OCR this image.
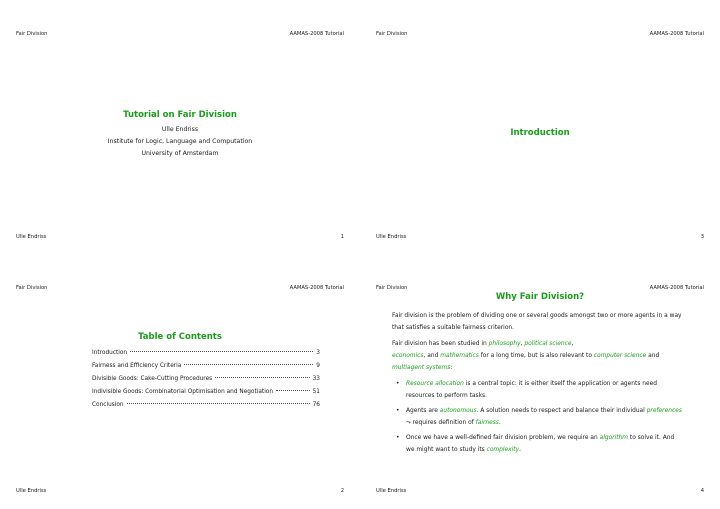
Fair Division	AAMAS-2008 Tutorial
Tutorial on Fair Division
Ulle Endriss
Institute for Logic, Language and Computation
University of Amsterdam
Ulle Endriss	1
Fair Division	AAMAS-2008 Tutorial
Introduction
Ulle Endriss	3
Fair Division	AAMAS-2008 Tutorial
Table of Contents
Introduction	3
Fairness and Efficiency Criteria	9
Divisible Goods: Cake-Cutting Procedures	33
Indivisible Goods: Combinatorial Optimisation and Negotiation	51
Conclusion	76
Ulle Endriss	2
Fair Division	AAMAS-2008 Tutorial
Why Fair Division?

Fair division is the problem of dividing one or several goods amongst two or more agents in a way that satisfies a suitable fairness criterion.

Fair division has been studied in philosophy, political science,
economics, and mathematics for a long time, but is also relevant to computer science and multiagent systems:

• Resource allocation is a central topic: it is either itself the application or agents need resources to perform tasks.
• Agents are autonomous. A solution needs to respect and balance their individual preferences ⤳ requires definition of fairness.
• Once we have a well-defined fair division problem, we require an algorithm to solve it. And we might want to study its complexity.
Ulle Endriss	4
